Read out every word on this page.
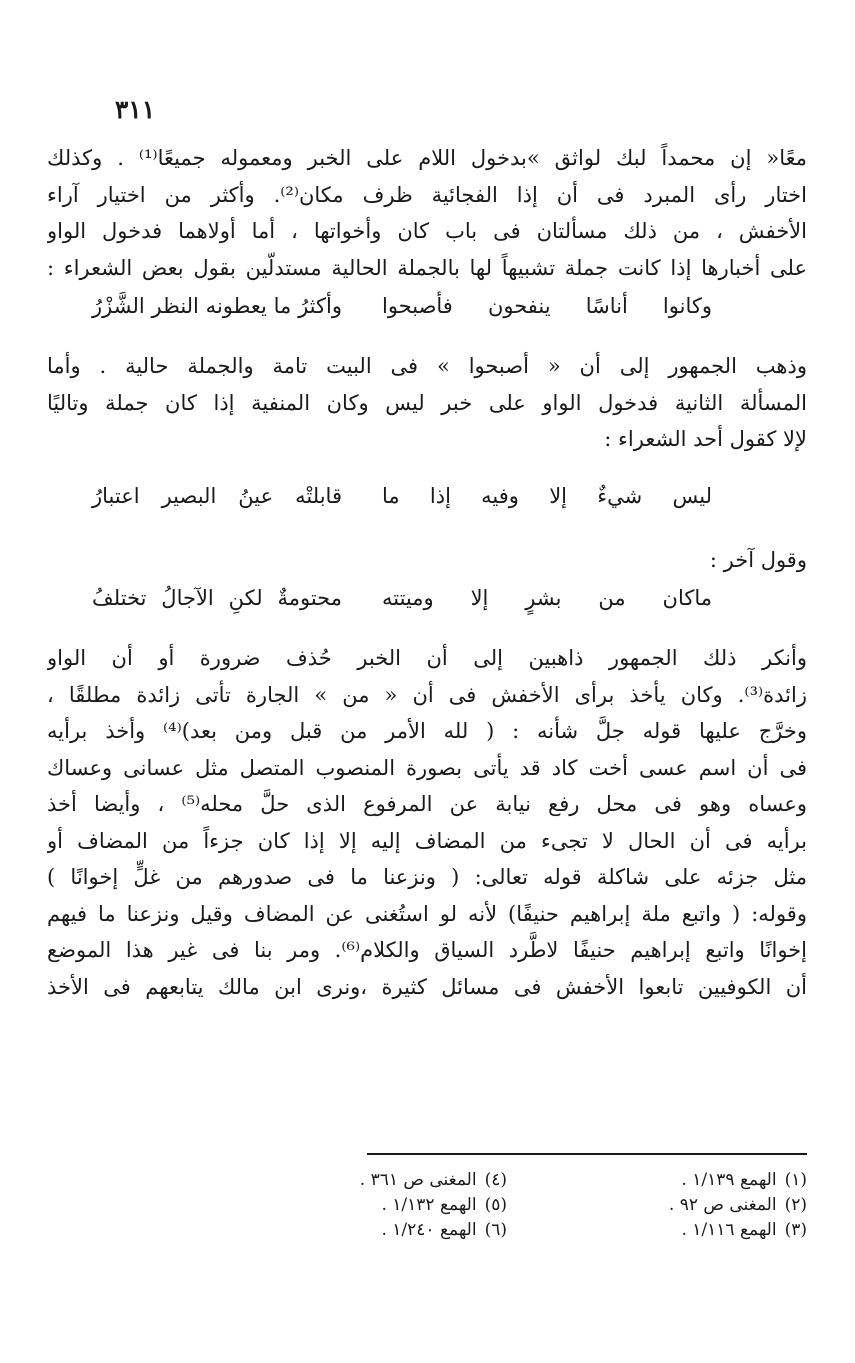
٣١١
معًا« إن محمداً لبك لواثق »بدخول اللام على الخبر ومعموله جميعًا⁽¹⁾ . وكذلك
اختار رأى المبرد فى أن إذا الفجائية ظرف مكان⁽²⁾. وأكثر من اختيار آراء
الأخفش ، من ذلك مسألتان فى باب كان وأخواتها ، أما أولاهما فدخول الواو
على أخبارها إذا كانت جملة تشبيهاً لها بالجملة الحالية مستدلّين بقول بعض الشعراء :
وكانوا أناسًا ينفحون فأصبحوا
وأكثرُ ما يعطونه النظر الشَّزْرُ
وذهب الجمهور إلى أن « أصبحوا » فى البيت تامة والجملة حالية . وأما
المسألة الثانية فدخول الواو على خبر ليس وكان المنفية إذا كان جملة وتاليًا
لإلا كقول أحد الشعراء :
ليس شيءٌ إلا وفيه إذا ما
قابلتْه عينُ البصير اعتبارُ
وقول آخر :
ماكان من بشرٍ إلا وميتته
محتومةٌ لكنِ الآجالُ تختلفُ
وأنكر ذلك الجمهور ذاهبين إلى أن الخبر حُذف ضرورة أو أن الواو
زائدة⁽³⁾. وكان يأخذ برأى الأخفش فى أن « من » الجارة تأتى زائدة مطلقًا ،
وخرَّج عليها قوله جلَّ شأنه : ( لله الأمر من قبل ومن بعد)⁽⁴⁾ وأخذ برأيه
فى أن اسم عسى أخت كاد قد يأتى بصورة المنصوب المتصل مثل عسانى وعساك
وعساه وهو فى محل رفع نيابة عن المرفوع الذى حلَّ محله⁽⁵⁾ ، وأيضا أخذ
برأيه فى أن الحال لا تجىء من المضاف إليه إلا إذا كان جزءاً من المضاف أو
مثل جزئه على شاكلة قوله تعالى: ( ونزعنا ما فى صدورهم من غلٍّ إخوانًا )
وقوله: ( واتبع ملة إبراهيم حنيفًا) لأنه لو استُغنى عن المضاف وقيل ونزعنا ما فيهم
إخوانًا واتبع إبراهيم حنيفًا لاطَّرد السياق والكلام⁽⁶⁾. ومر بنا فى غير هذا الموضع
أن الكوفيين تابعوا الأخفش فى مسائل كثيرة ،ونرى ابن مالك يتابعهم فى الأخذ
(١)الهمع ١/١٣٩ .
(٤)المغنى ص ٣٦١ .
(٢)المغنى ص ٩٢ .
(٥)الهمع ١/١٣٢ .
(٣)الهمع ١/١١٦ .
(٦)الهمع ١/٢٤٠ .
